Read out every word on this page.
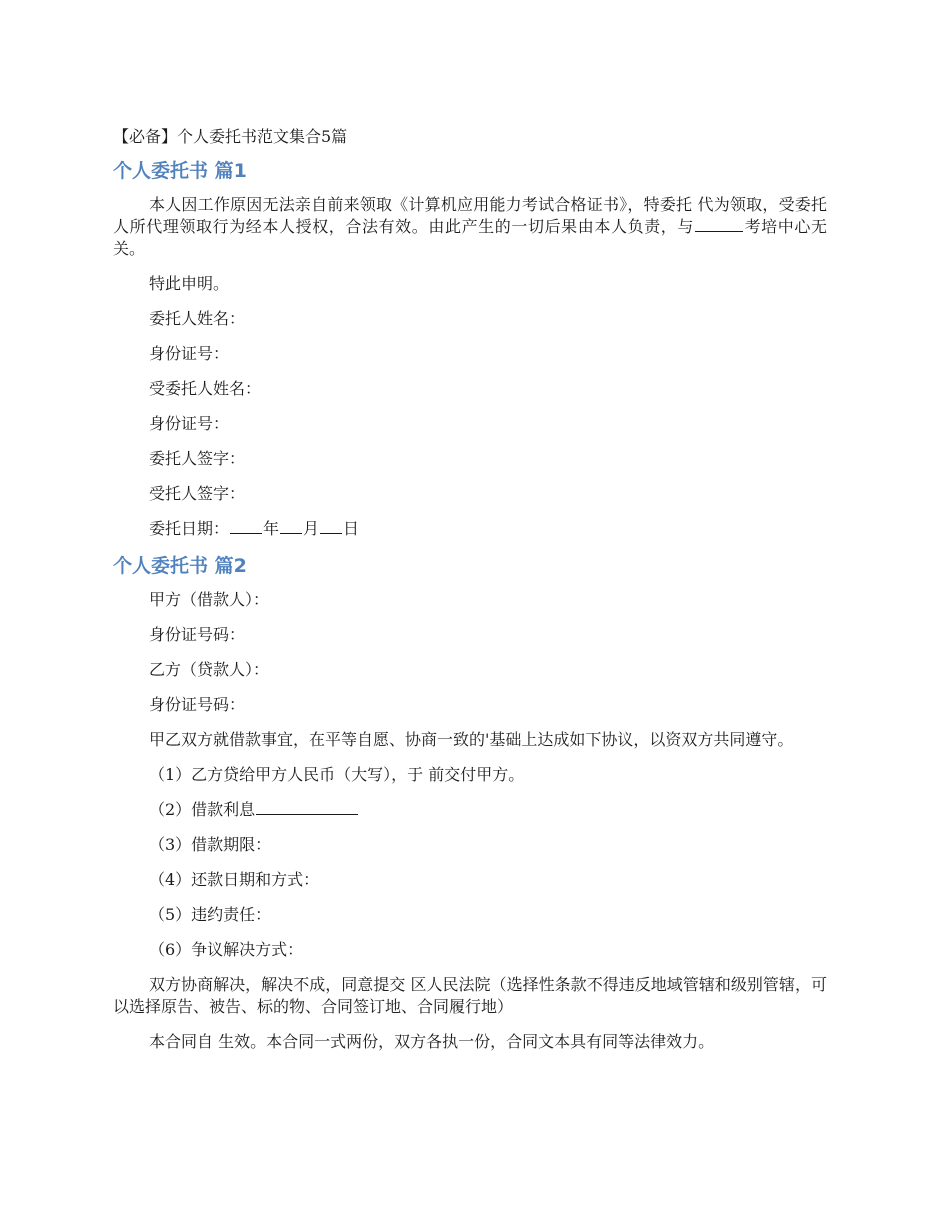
【必备】个人委托书范文集合5篇
个人委托书 篇1
本人因工作原因无法亲自前来领取《计算机应用能力考试合格证书》，特委托 代为领取，受委托人所代理领取行为经本人授权，合法有效。由此产生的一切后果由本人负责，与	考培中心无关。
特此申明。
委托人姓名：
身份证号：
受委托人姓名：
身份证号：
委托人签字：
受托人签字：
委托日期： 年 月 日
个人委托书 篇2
甲方（借款人）：
身份证号码：
乙方（贷款人）：
身份证号码：
甲乙双方就借款事宜，在平等自愿、协商一致的'基础上达成如下协议，以资双方共同遵守。
（1）乙方贷给甲方人民币（大写），于 前交付甲方。
（2）借款利息
（3）借款期限：
（4）还款日期和方式：
（5）违约责任：
（6）争议解决方式：
双方协商解决，解决不成，同意提交 区人民法院（选择性条款不得违反地域管辖和级别管辖，可以选择原告、被告、标的物、合同签订地、合同履行地）
本合同自 生效。本合同一式两份，双方各执一份，合同文本具有同等法律效力。
